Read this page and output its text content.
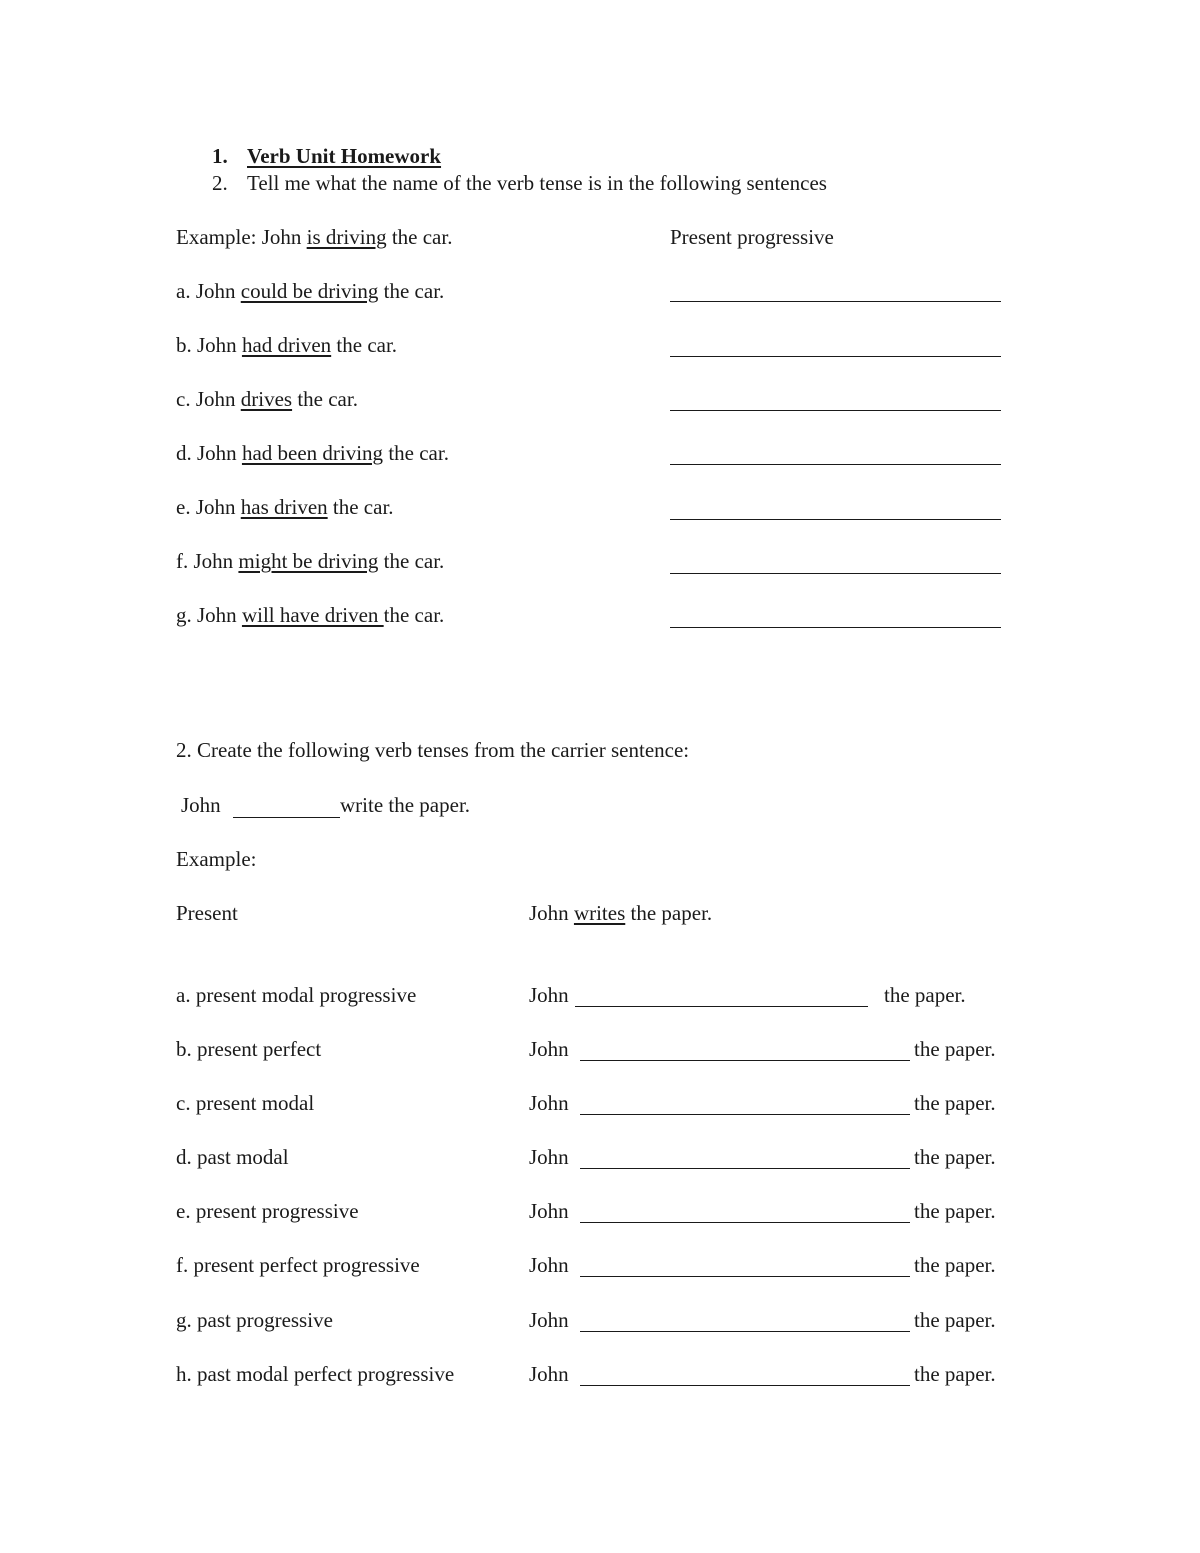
1. Verb Unit Homework
2. Tell me what the name of the verb tense is in the following sentences
Example: John is driving the car.	Present progressive
a. John could be driving the car.
b. John had driven the car.
c. John drives the car.
d. John had been driving the car.
e. John has driven the car.
f. John might be driving the car.
g. John will have driven the car.
2. Create the following verb tenses from the carrier sentence:
John	write the paper.
Example:
Present	John writes the paper.
a. present modal progressive	John	the paper.
b. present perfect	John	the paper.
c. present modal	John	the paper.
d. past modal	John	the paper.
e. present progressive	John	the paper.
f. present perfect progressive	John	the paper.
g. past progressive	John	the paper.
h. past modal perfect progressive	John	the paper.
